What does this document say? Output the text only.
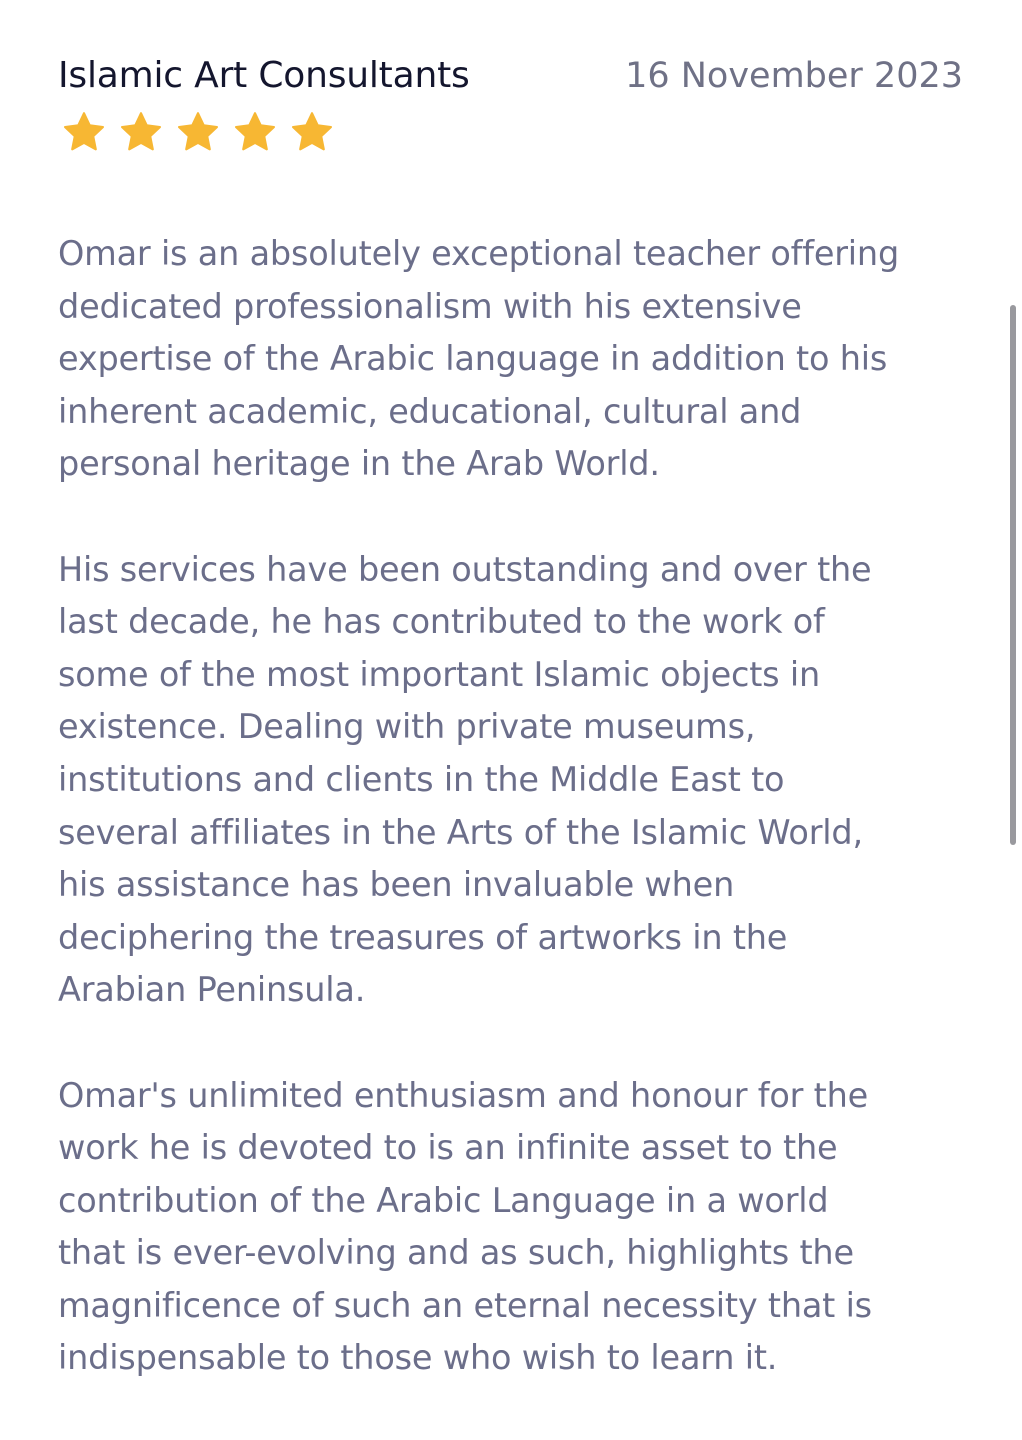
Islamic Art Consultants	16 November 2023

Omar is an absolutely exceptional teacher offering
dedicated professionalism with his extensive
expertise of the Arabic language in addition to his
inherent academic, educational, cultural and
personal heritage in the Arab World.

His services have been outstanding and over the
last decade, he has contributed to the work of
some of the most important Islamic objects in
existence. Dealing with private museums,
institutions and clients in the Middle East to
several affiliates in the Arts of the Islamic World,
his assistance has been invaluable when
deciphering the treasures of artworks in the
Arabian Peninsula.

Omar's unlimited enthusiasm and honour for the
work he is devoted to is an infinite asset to the
contribution of the Arabic Language in a world
that is ever-evolving and as such, highlights the
magnificence of such an eternal necessity that is
indispensable to those who wish to learn it.
